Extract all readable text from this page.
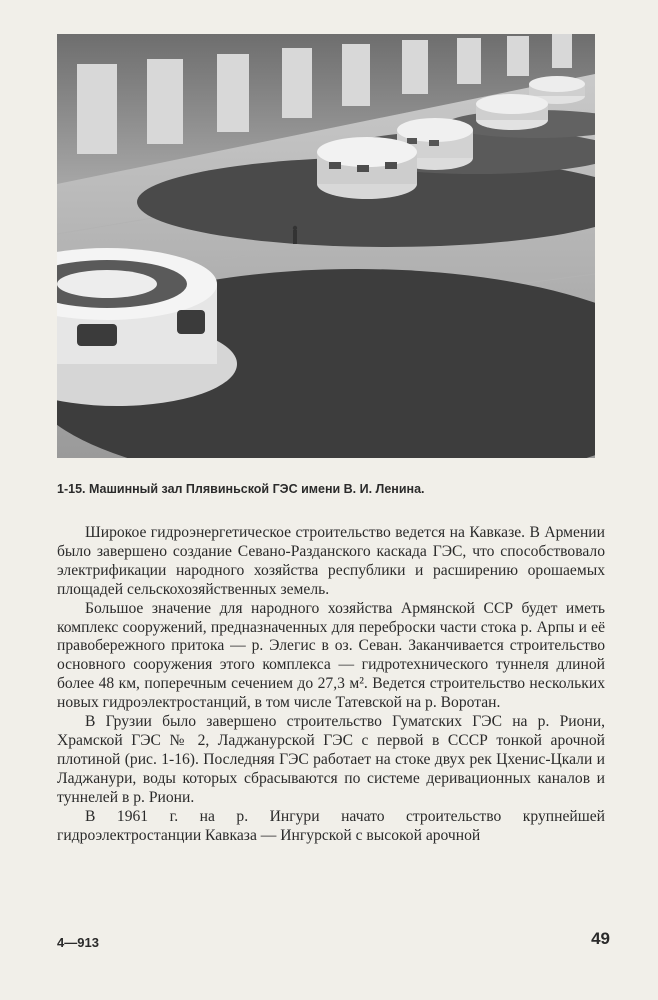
1-15. Машинный зал Плявиньской ГЭС имени В. И. Ленина.

Широкое гидроэнергетическое строительство ведется на Кавказе. В Армении было завершено создание Севано-Разданского каскада ГЭС, что способствовало электрификации народного хозяйства республики и расширению орошаемых площадей сельскохозяйственных земель.

Большое значение для народного хозяйства Армянской ССР будет иметь комплекс сооружений, предназначенных для переброски части стока р. Арпы и её правобережного притока — р. Элегис в оз. Севан. Заканчивается строительство основного сооружения этого комплекса — гидротехнического туннеля длиной более 48 км, поперечным сечением до 27,3 м². Ведется строительство нескольких новых гидроэлектростанций, в том числе Татевской на р. Воротан.

В Грузии было завершено строительство Гуматских ГЭС на р. Риони, Храмской ГЭС № 2, Ладжанурской ГЭС с первой в СССР тонкой арочной плотиной (рис. 1-16). Последняя ГЭС работает на стоке двух рек Цхенис-Цкали и Ладжанури, воды которых сбрасываются по системе деривационных каналов и туннелей в р. Риони.

В 1961 г. на р. Ингури начато строительство крупнейшей гидроэлектростанции Кавказа — Ингурской с высокой арочной

4—913	49
